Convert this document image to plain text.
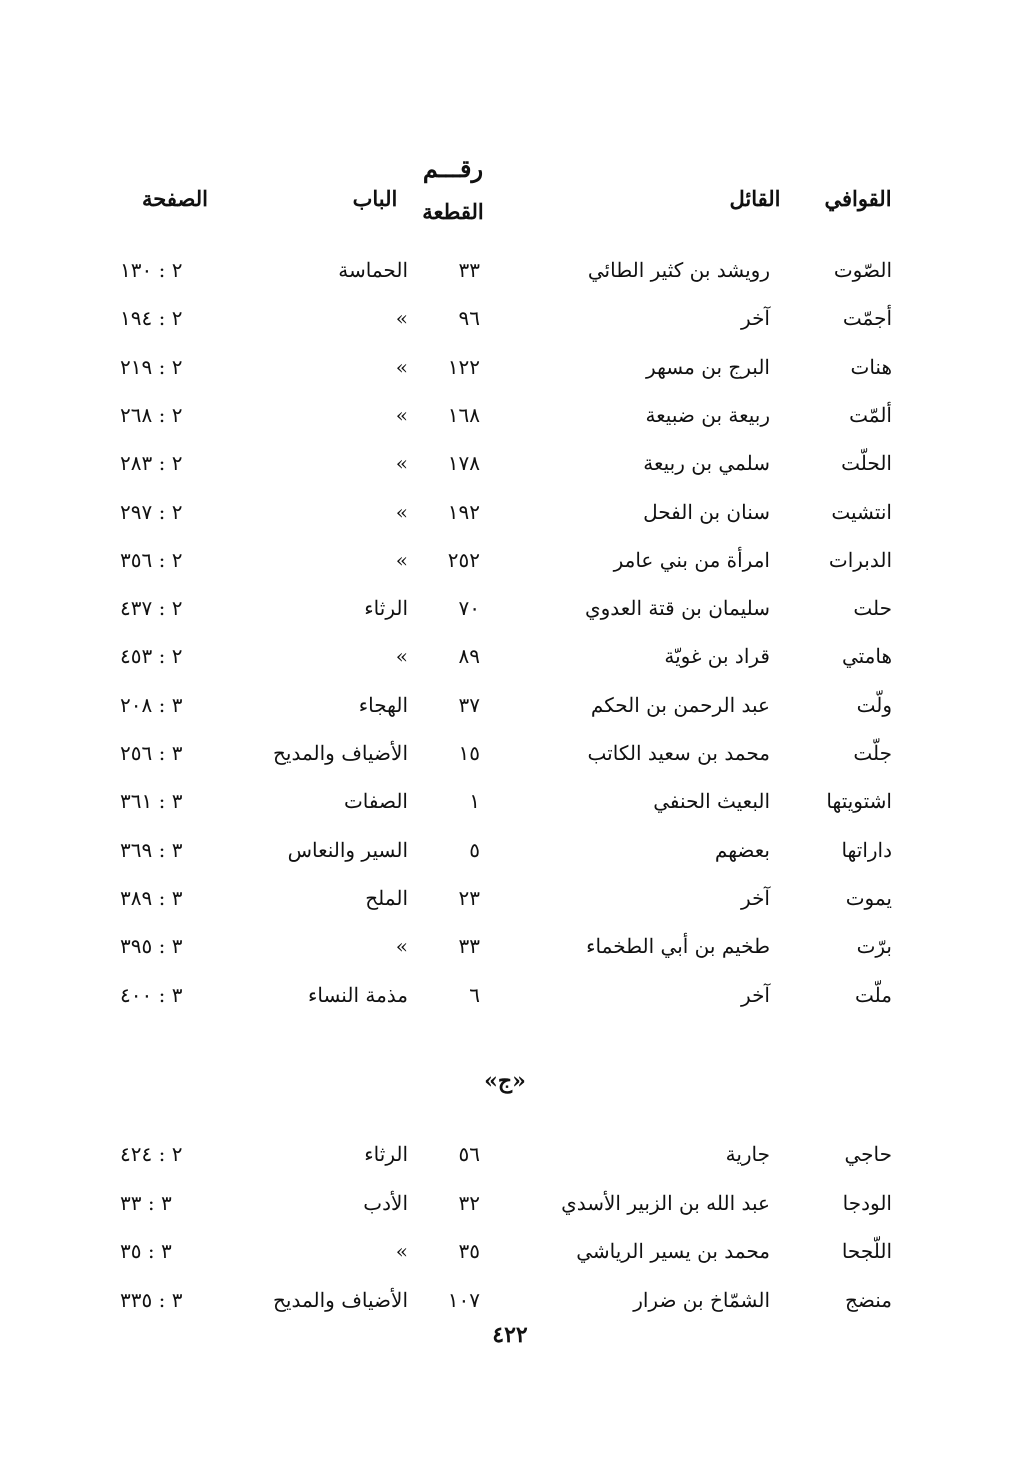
القوافي
القائل
رقـــم
القطعة
الباب
الصفحة
الصّوت
رويشد بن كثير الطائي
٣٣
الحماسة
٢ : ١٣٠
أجمّت
آخر
٩٦
»
٢ : ١٩٤
هنات
البرج بن مسهر
١٢٢
»
٢ : ٢١٩
ألمّت
ربيعة بن ضبيعة
١٦٨
»
٢ : ٢٦٨
الحلّت
سلمي بن ربيعة
١٧٨
»
٢ : ٢٨٣
انتشيت
سنان بن الفحل
١٩٢
»
٢ : ٢٩٧
الدبرات
امرأة من بني عامر
٢٥٢
»
٢ : ٣٥٦
حلت
سليمان بن قتة العدوي
٧٠
الرثاء
٢ : ٤٣٧
هامتي
قراد بن غويّة
٨٩
»
٢ : ٤٥٣
ولّت
عبد الرحمن بن الحكم
٣٧
الهجاء
٣ : ٢٠٨
جلّت
محمد بن سعيد الكاتب
١٥
الأضياف والمديح
٣ : ٢٥٦
اشتويتها
البعيث الحنفي
١
الصفات
٣ : ٣٦١
داراتها
بعضهم
٥
السير والنعاس
٣ : ٣٦٩
يموت
آخر
٢٣
الملح
٣ : ٣٨٩
برّت
طخيم بن أبي الطخماء
٣٣
»
٣ : ٣٩٥
ملّت
آخر
٦
مذمة النساء
٣ : ٤٠٠
«ج»
حاجي
جارية
٥٦
الرثاء
٢ : ٤٢٤
الودجا
عبد الله بن الزبير الأسدي
٣٢
الأدب
٣ : ٣٣
اللّجحا
محمد بن يسير الرياشي
٣٥
»
٣ : ٣٥
منضج
الشمّاخ بن ضرار
١٠٧
الأضياف والمديح
٣ : ٣٣٥
٤٢٢
